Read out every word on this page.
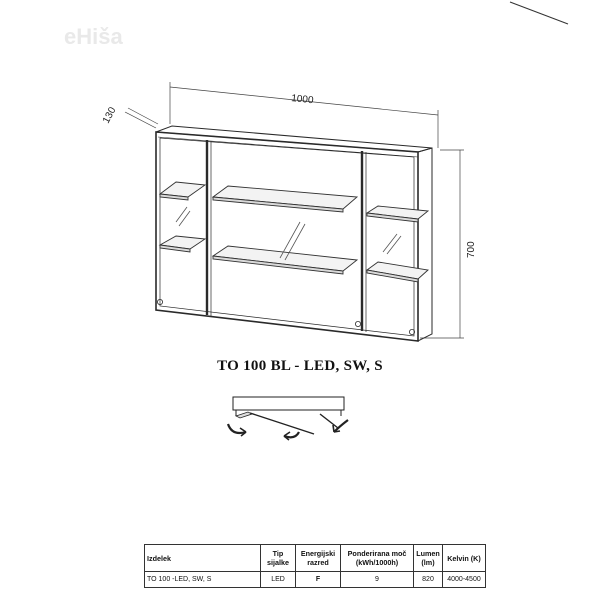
eHiša
1000
130
700
TO 100 BL - LED, SW, S
Izdelek	Tip sijalke	Energijski razred	Ponderirana moč (kWh/1000h)	Lumen (lm)	Kelvin (K)
TO 100 -LED, SW, S	LED	F	9	820	4000-4500
